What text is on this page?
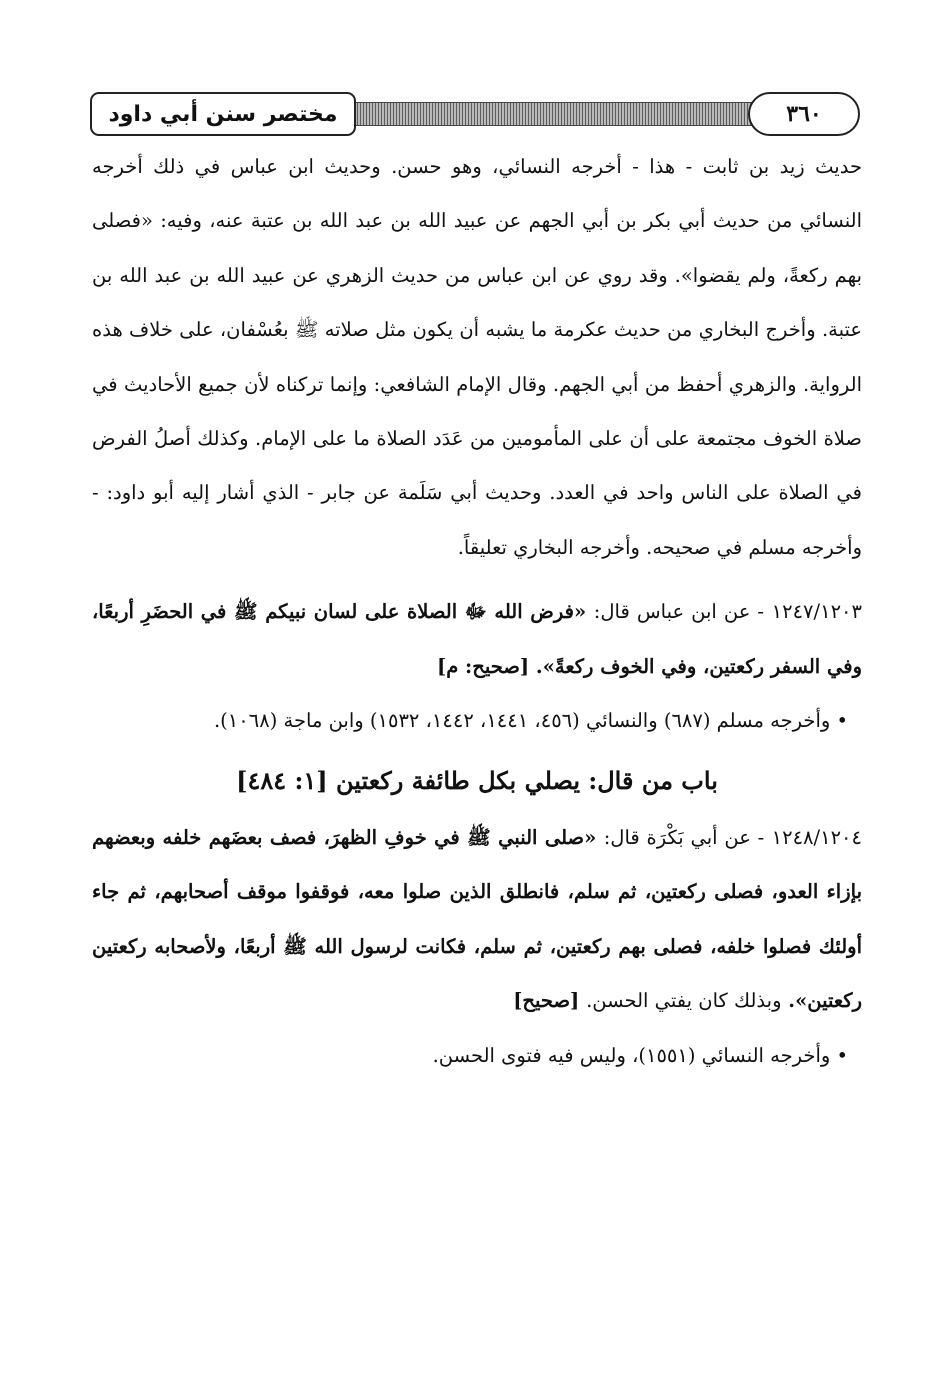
مختصر سنن أبي داود	٣٦٠

حديث زيد بن ثابت - هذا - أخرجه النسائي، وهو حسن. وحديث ابن عباس في ذلك أخرجه النسائي من حديث أبي بكر بن أبي الجهم عن عبيد الله بن عبد الله بن عتبة عنه، وفيه: «فصلى بهم ركعةً، ولم يقضوا». وقد روي عن ابن عباس من حديث الزهري عن عبيد الله بن عبد الله بن عتبة. وأخرج البخاري من حديث عكرمة ما يشبه أن يكون مثل صلاته ﷺ بعُسْفان، على خلاف هذه الرواية. والزهري أحفظ من أبي الجهم. وقال الإمام الشافعي: وإنما تركناه لأن جميع الأحاديث في صلاة الخوف مجتمعة على أن على المأمومين من عَدَد الصلاة ما على الإمام. وكذلك أصلُ الفرض في الصلاة على الناس واحد في العدد. وحديث أبي سَلَمة عن جابر - الذي أشار إليه أبو داود: - وأخرجه مسلم في صحيحه. وأخرجه البخاري تعليقاً.

١٢٤٧/١٢٠٣ - عن ابن عباس قال: «فرض الله ﷻ الصلاة على لسان نبيكم ﷺ في الحضَرِ أربعًا، وفي السفر ركعتين، وفي الخوف ركعةً». [صحيح: م]

• وأخرجه مسلم (٦٨٧) والنسائي (٤٥٦، ١٤٤١، ١٤٤٢، ١٥٣٢) وابن ماجة (١٠٦٨).

باب من قال: يصلي بكل طائفة ركعتين [١: ٤٨٤]

١٢٤٨/١٢٠٤ - عن أبي بَكْرَة قال: «صلى النبي ﷺ في خوفِ الظهرَ، فصف بعضَهم خلفه وبعضهم بإزاء العدو، فصلى ركعتين، ثم سلم، فانطلق الذين صلوا معه، فوقفوا موقف أصحابهم، ثم جاء أولئك فصلوا خلفه، فصلى بهم ركعتين، ثم سلم، فكانت لرسول الله ﷺ أربعًا، ولأصحابه ركعتين ركعتين». وبذلك كان يفتي الحسن. [صحيح]

• وأخرجه النسائي (١٥٥١)، وليس فيه فتوى الحسن.
